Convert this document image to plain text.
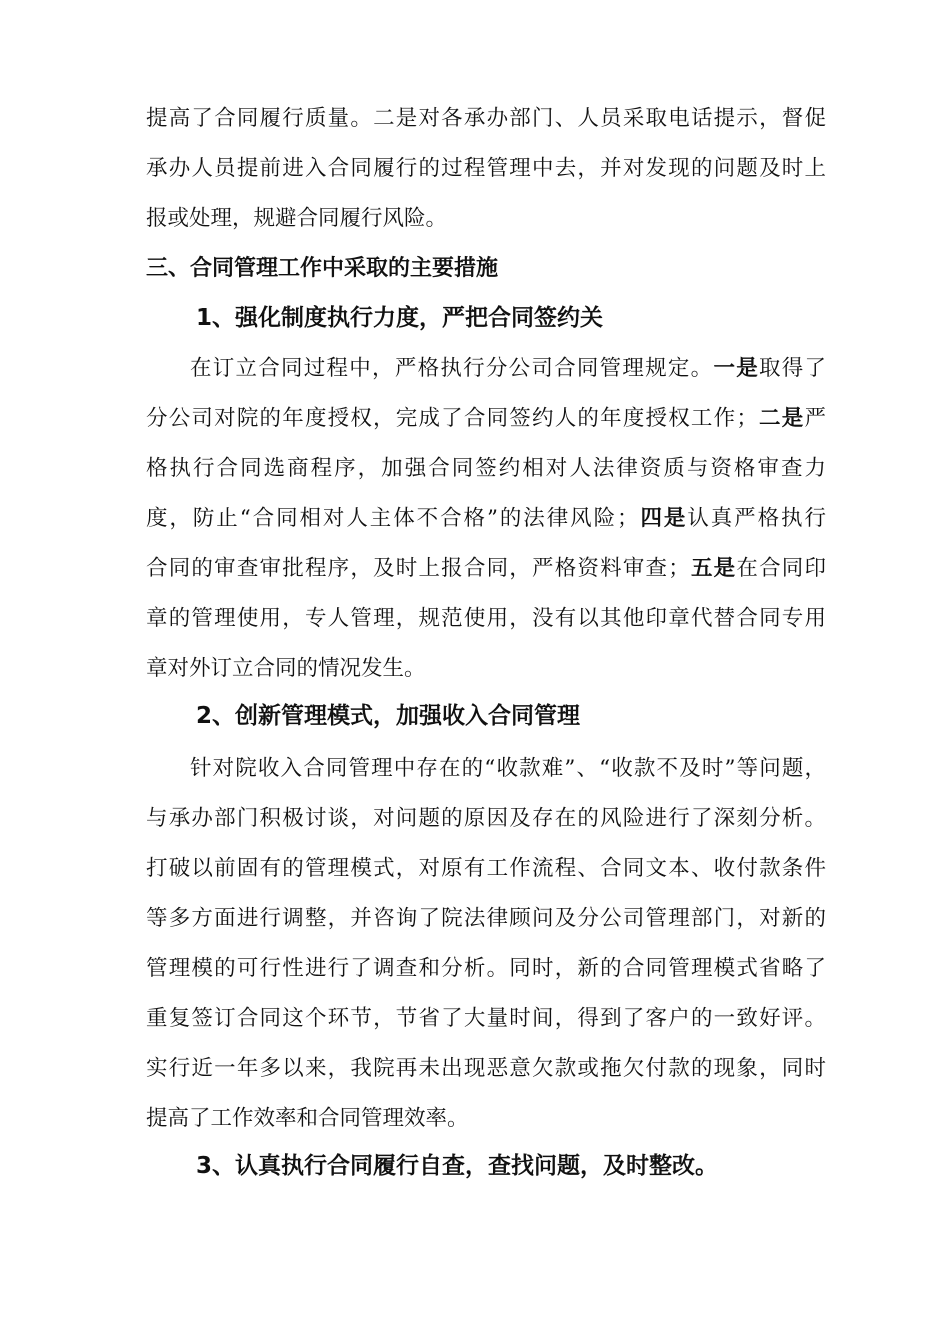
提高了合同履行质量。二是对各承办部门、人员采取电话提示，督促
承办人员提前进入合同履行的过程管理中去，并对发现的问题及时上
报或处理，规避合同履行风险。
三、合同管理工作中采取的主要措施
1、强化制度执行力度，严把合同签约关
在订立合同过程中，严格执行分公司合同管理规定。一是取得了
分公司对院的年度授权，完成了合同签约人的年度授权工作；二是严
格执行合同选商程序，加强合同签约相对人法律资质与资格审查力
度，防止“合同相对人主体不合格”的法律风险；四是认真严格执行
合同的审查审批程序，及时上报合同，严格资料审查；五是在合同印
章的管理使用，专人管理，规范使用，没有以其他印章代替合同专用
章对外订立合同的情况发生。
2、创新管理模式，加强收入合同管理
针对院收入合同管理中存在的“收款难”、“收款不及时”等问题，
与承办部门积极讨谈，对问题的原因及存在的风险进行了深刻分析。
打破以前固有的管理模式，对原有工作流程、合同文本、收付款条件
等多方面进行调整，并咨询了院法律顾问及分公司管理部门，对新的
管理模的可行性进行了调查和分析。同时，新的合同管理模式省略了
重复签订合同这个环节，节省了大量时间，得到了客户的一致好评。
实行近一年多以来，我院再未出现恶意欠款或拖欠付款的现象，同时
提高了工作效率和合同管理效率。
3、认真执行合同履行自查，查找问题，及时整改。
